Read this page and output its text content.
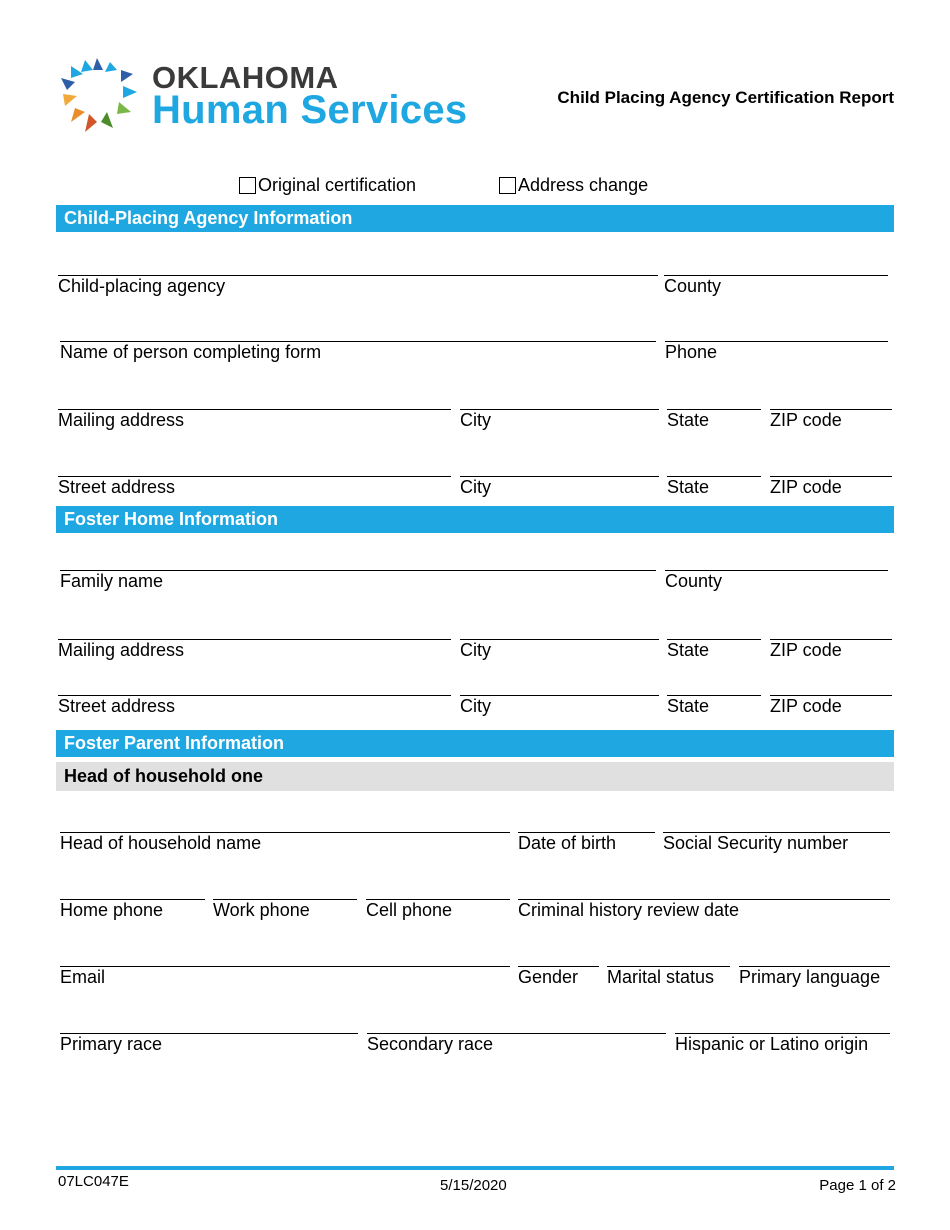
OKLAHOMA
Human Services	Child Placing Agency Certification Report
Original certification	Address change
Child-Placing Agency Information
Child-placing agency	County
Name of person completing form	Phone
Mailing address	City	State	ZIP code
Street address	City	State	ZIP code
Foster Home Information
Family name	County
Mailing address	City	State	ZIP code
Street address	City	State	ZIP code
Foster Parent Information
Head of household one
Head of household name	Date of birth	Social Security number
Home phone	Work phone	Cell phone	Criminal history review date
Email	Gender	Marital status	Primary language
Primary race	Secondary race	Hispanic or Latino origin
07LC047E	5/15/2020	Page 1 of 2
